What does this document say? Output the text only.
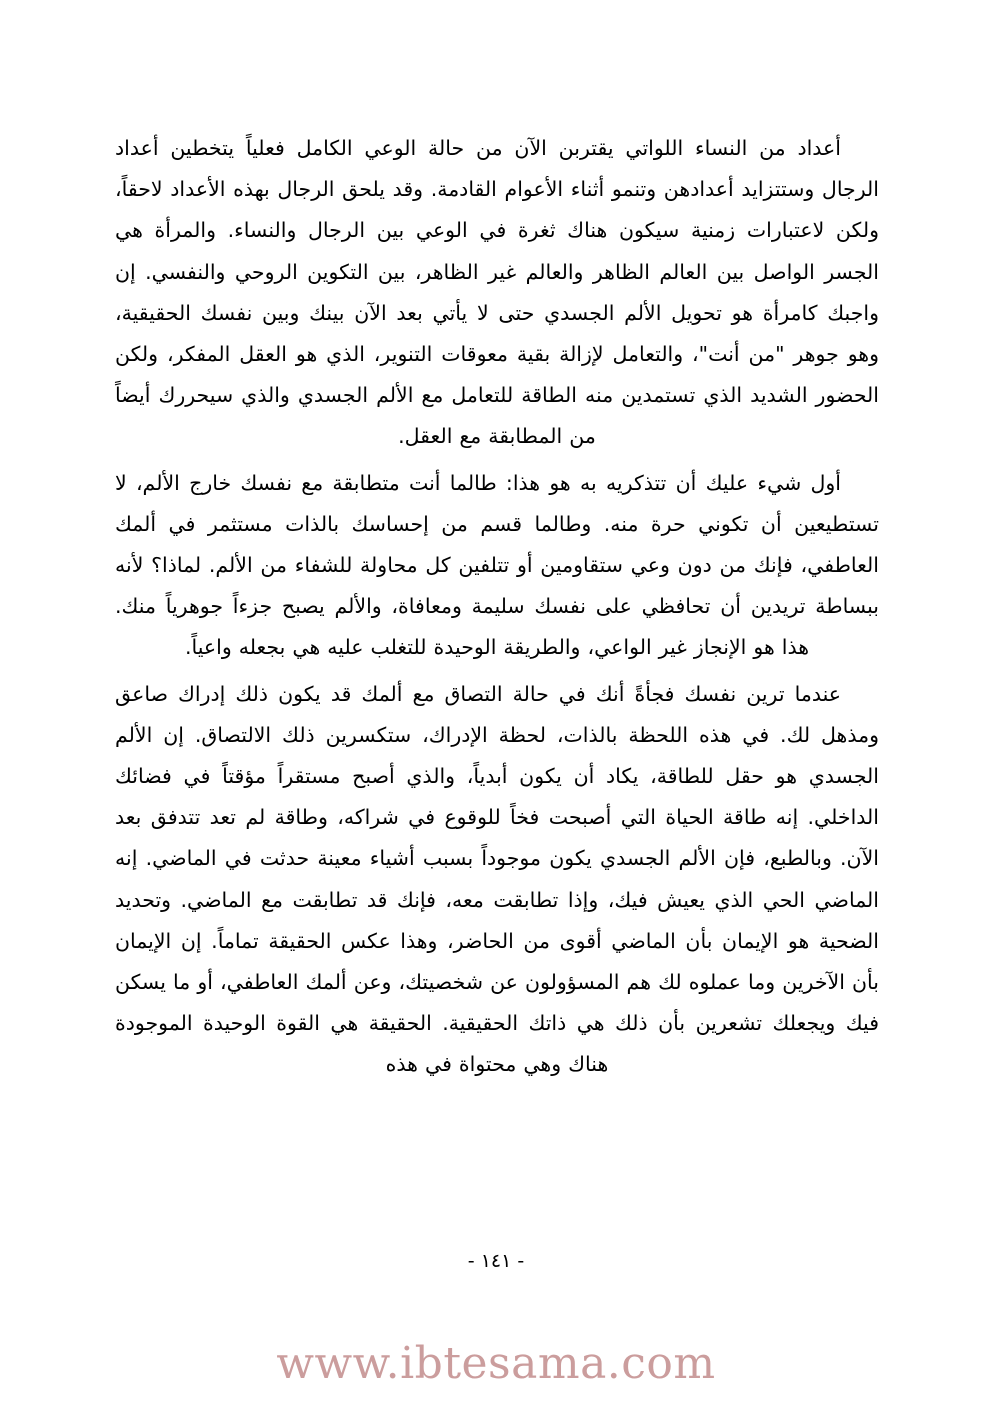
أعداد من النساء اللواتي يقتربن الآن من حالة الوعي الكامل فعلياً يتخطين أعداد الرجال وستتزايد أعدادهن وتنمو أثناء الأعوام القادمة. وقد يلحق الرجال بهذه الأعداد لاحقاً، ولكن لاعتبارات زمنية سيكون هناك ثغرة في الوعي بين الرجال والنساء. والمرأة هي الجسر الواصل بين العالم الظاهر والعالم غير الظاهر، بين التكوين الروحي والنفسي. إن واجبك كامرأة هو تحويل الألم الجسدي حتى لا يأتي بعد الآن بينك وبين نفسك الحقيقية، وهو جوهر "من أنت"، والتعامل لإزالة بقية معوقات التنوير، الذي هو العقل المفكر، ولكن الحضور الشديد الذي تستمدين منه الطاقة للتعامل مع الألم الجسدي والذي سيحررك أيضاً من المطابقة مع العقل.

أول شيء عليك أن تتذكريه به هو هذا: طالما أنت متطابقة مع نفسك خارج الألم، لا تستطيعين أن تكوني حرة منه. وطالما قسم من إحساسك بالذات مستثمر في ألمك العاطفي، فإنك من دون وعي ستقاومين أو تتلفين كل محاولة للشفاء من الألم. لماذا؟ لأنه ببساطة تريدين أن تحافظي على نفسك سليمة ومعافاة، والألم يصبح جزءاً جوهرياً منك. هذا هو الإنجاز غير الواعي، والطريقة الوحيدة للتغلب عليه هي بجعله واعياً.

عندما ترين نفسك فجأةً أنك في حالة التصاق مع ألمك قد يكون ذلك إدراك صاعق ومذهل لك. في هذه اللحظة بالذات، لحظة الإدراك، ستكسرين ذلك الالتصاق. إن الألم الجسدي هو حقل للطاقة، يكاد أن يكون أبدياً، والذي أصبح مستقراً مؤقتاً في فضائك الداخلي. إنه طاقة الحياة التي أصبحت فخاً للوقوع في شراكه، وطاقة لم تعد تتدفق بعد الآن. وبالطبع، فإن الألم الجسدي يكون موجوداً بسبب أشياء معينة حدثت في الماضي. إنه الماضي الحي الذي يعيش فيك، وإذا تطابقت معه، فإنك قد تطابقت مع الماضي. وتحديد الضحية هو الإيمان بأن الماضي أقوى من الحاضر، وهذا عكس الحقيقة تماماً. إن الإيمان بأن الآخرين وما عملوه لك هم المسؤولون عن شخصيتك، وعن ألمك العاطفي، أو ما يسكن فيك ويجعلك تشعرين بأن ذلك هي ذاتك الحقيقية. الحقيقة هي القوة الوحيدة الموجودة هناك وهي محتواة في هذه

- ١٤١ -
www.ibtesama.com
